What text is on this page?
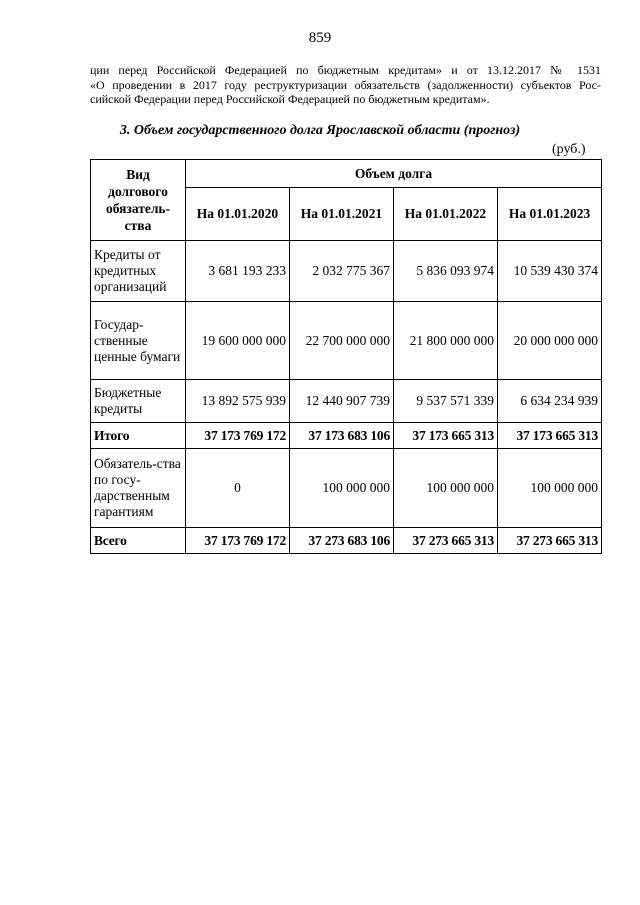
859
ции перед Российской Федерацией по бюджетным кредитам» и от 13.12.2017 № 1531
«О проведении в 2017 году реструктуризации обязательств (задолженности) субъектов Рос-
сийской Федерации перед Российской Федерацией по бюджетным кредитам».
3. Объем государственного долга Ярославской области (прогноз)
(руб.)
Вид долгового обязатель-ства	Объем долга			
	На 01.01.2020	На 01.01.2021	На 01.01.2022	На 01.01.2023
Кредиты от кредитных организаций	3 681 193 233	2 032 775 367	5 836 093 974	10 539 430 374
Государ-ственные ценные бумаги	19 600 000 000	22 700 000 000	21 800 000 000	20 000 000 000
Бюджетные кредиты	13 892 575 939	12 440 907 739	9 537 571 339	6 634 234 939
Итого	37 173 769 172	37 173 683 106	37 173 665 313	37 173 665 313
Обязатель-ства по госу-дарственным гарантиям	0	100 000 000	100 000 000	100 000 000
Всего	37 173 769 172	37 273 683 106	37 273 665 313	37 273 665 313
